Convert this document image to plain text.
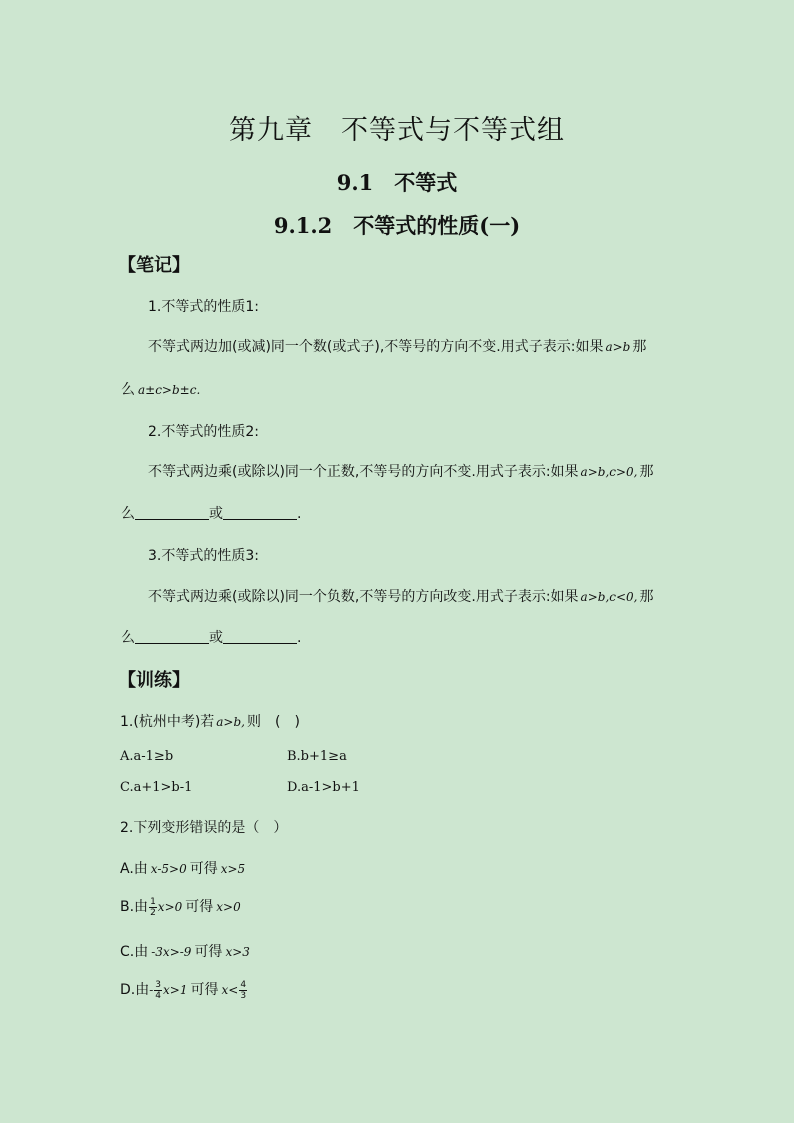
第九章　不等式与不等式组
9.1　不等式
9.1.2　不等式的性质(一)
【笔记】
1.不等式的性质1:
不等式两边加(或减)同一个数(或式子),不等号的方向不变.用式子表示:如果 a>b 那
么 a±c>b±c.
2.不等式的性质2:
不等式两边乘(或除以)同一个正数,不等号的方向不变.用式子表示:如果 a>b,c>0, 那
么	或	.
3.不等式的性质3:
不等式两边乘(或除以)同一个负数,不等号的方向改变.用式子表示:如果 a>b,c<0, 那
么	或	.
【训练】
1.(杭州中考)若 a>b, 则　(　)
A.a-1≥b	B.b+1≥a
C.a+1>b-1	D.a-1>b+1
2.下列变形错误的是（　）
A.由 x-5>0 可得 x>5
B.由 $\frac{1}{2} x>0$ 可得 x>0
C.由 -3x>-9 可得 x>3
D.由- $\frac{3}{4} x>1$ 可得 $x< \frac{4}{3}$
